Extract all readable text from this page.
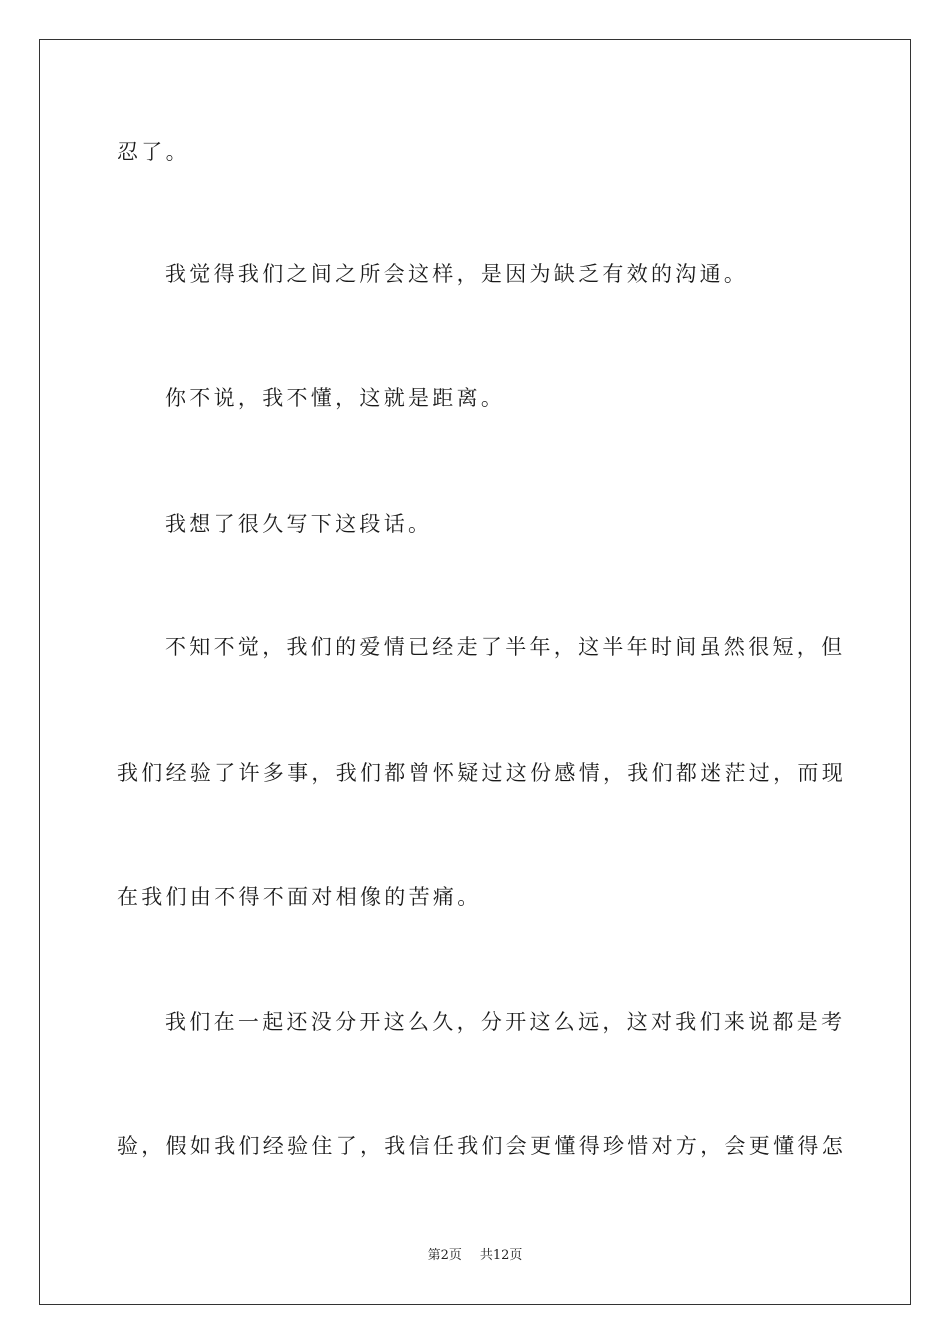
忍了。
我觉得我们之间之所会这样，是因为缺乏有效的沟通。
你不说，我不懂，这就是距离。
我想了很久写下这段话。
不知不觉，我们的爱情已经走了半年，这半年时间虽然很短，但
我们经验了许多事，我们都曾怀疑过这份感情，我们都迷茫过，而现
在我们由不得不面对相像的苦痛。
我们在一起还没分开这么久，分开这么远，这对我们来说都是考
验，假如我们经验住了，我信任我们会更懂得珍惜对方，会更懂得怎
第2页 共12页
